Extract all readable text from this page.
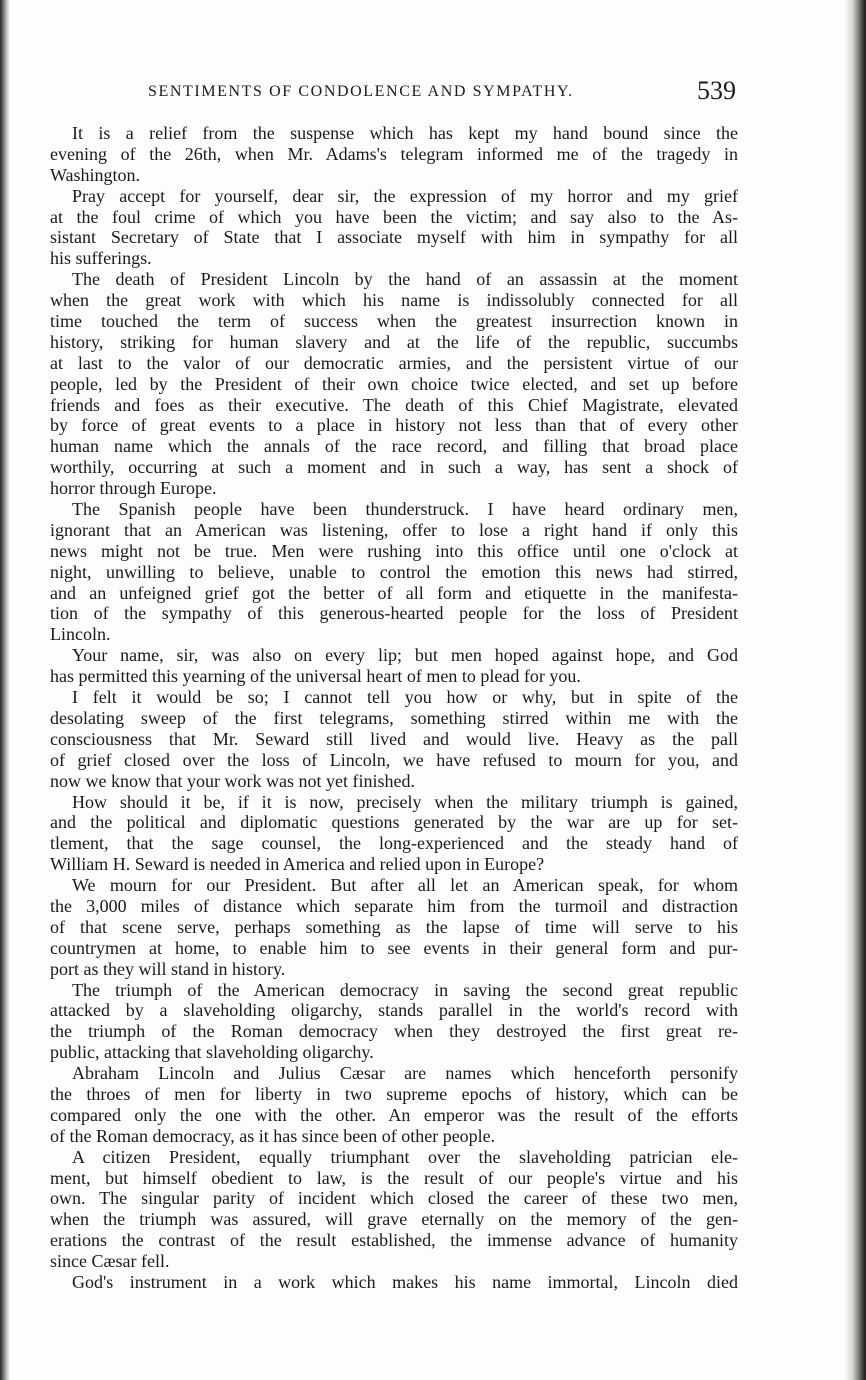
SENTIMENTS OF CONDOLENCE AND SYMPATHY.	539
It is a relief from the suspense which has kept my hand bound since the
evening of the 26th, when Mr. Adams's telegram informed me of the tragedy in
Washington.
Pray accept for yourself, dear sir, the expression of my horror and my grief
at the foul crime of which you have been the victim; and say also to the As-
sistant Secretary of State that I associate myself with him in sympathy for all
his sufferings.
The death of President Lincoln by the hand of an assassin at the moment
when the great work with which his name is indissolubly connected for all
time touched the term of success when the greatest insurrection known in
history, striking for human slavery and at the life of the republic, succumbs
at last to the valor of our democratic armies, and the persistent virtue of our
people, led by the President of their own choice twice elected, and set up before
friends and foes as their executive. The death of this Chief Magistrate, elevated
by force of great events to a place in history not less than that of every other
human name which the annals of the race record, and filling that broad place
worthily, occurring at such a moment and in such a way, has sent a shock of
horror through Europe.
The Spanish people have been thunderstruck. I have heard ordinary men,
ignorant that an American was listening, offer to lose a right hand if only this
news might not be true. Men were rushing into this office until one o'clock at
night, unwilling to believe, unable to control the emotion this news had stirred,
and an unfeigned grief got the better of all form and etiquette in the manifesta-
tion of the sympathy of this generous-hearted people for the loss of President
Lincoln.
Your name, sir, was also on every lip; but men hoped against hope, and God
has permitted this yearning of the universal heart of men to plead for you.
I felt it would be so; I cannot tell you how or why, but in spite of the
desolating sweep of the first telegrams, something stirred within me with the
consciousness that Mr. Seward still lived and would live. Heavy as the pall
of grief closed over the loss of Lincoln, we have refused to mourn for you, and
now we know that your work was not yet finished.
How should it be, if it is now, precisely when the military triumph is gained,
and the political and diplomatic questions generated by the war are up for set-
tlement, that the sage counsel, the long-experienced and the steady hand of
William H. Seward is needed in America and relied upon in Europe?
We mourn for our President. But after all let an American speak, for whom
the 3,000 miles of distance which separate him from the turmoil and distraction
of that scene serve, perhaps something as the lapse of time will serve to his
countrymen at home, to enable him to see events in their general form and pur-
port as they will stand in history.
The triumph of the American democracy in saving the second great republic
attacked by a slaveholding oligarchy, stands parallel in the world's record with
the triumph of the Roman democracy when they destroyed the first great re-
public, attacking that slaveholding oligarchy.
Abraham Lincoln and Julius Cæsar are names which henceforth personify
the throes of men for liberty in two supreme epochs of history, which can be
compared only the one with the other. An emperor was the result of the efforts
of the Roman democracy, as it has since been of other people.
A citizen President, equally triumphant over the slaveholding patrician ele-
ment, but himself obedient to law, is the result of our people's virtue and his
own. The singular parity of incident which closed the career of these two men,
when the triumph was assured, will grave eternally on the memory of the gen-
erations the contrast of the result established, the immense advance of humanity
since Cæsar fell.
God's instrument in a work which makes his name immortal, Lincoln died
